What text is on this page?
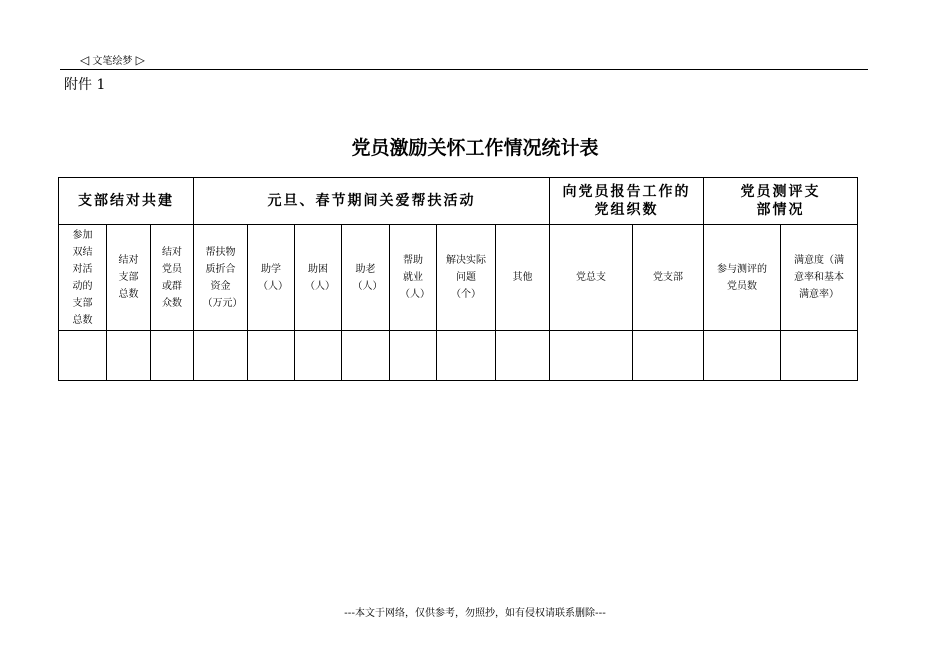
◁ 文笔绘梦 ▷
附件 1
党员激励关怀工作情况统计表
支部结对共建			元旦、春节期间关爱帮扶活动							向党员报告工作的党组织数		党员测评支部情况	

参加双结对活动的支部总数	结对支部总数	结对党员或群众数	帮扶物质折合资金（万元）	助学（人）	助困（人）	助老（人）	帮助就业（人）	解决实际问题（个）	其他	党总支	党支部	参与测评的党员数	满意度（满意率和基本满意率）

---本文于网络，仅供参考，勿照抄，如有侵权请联系删除---
